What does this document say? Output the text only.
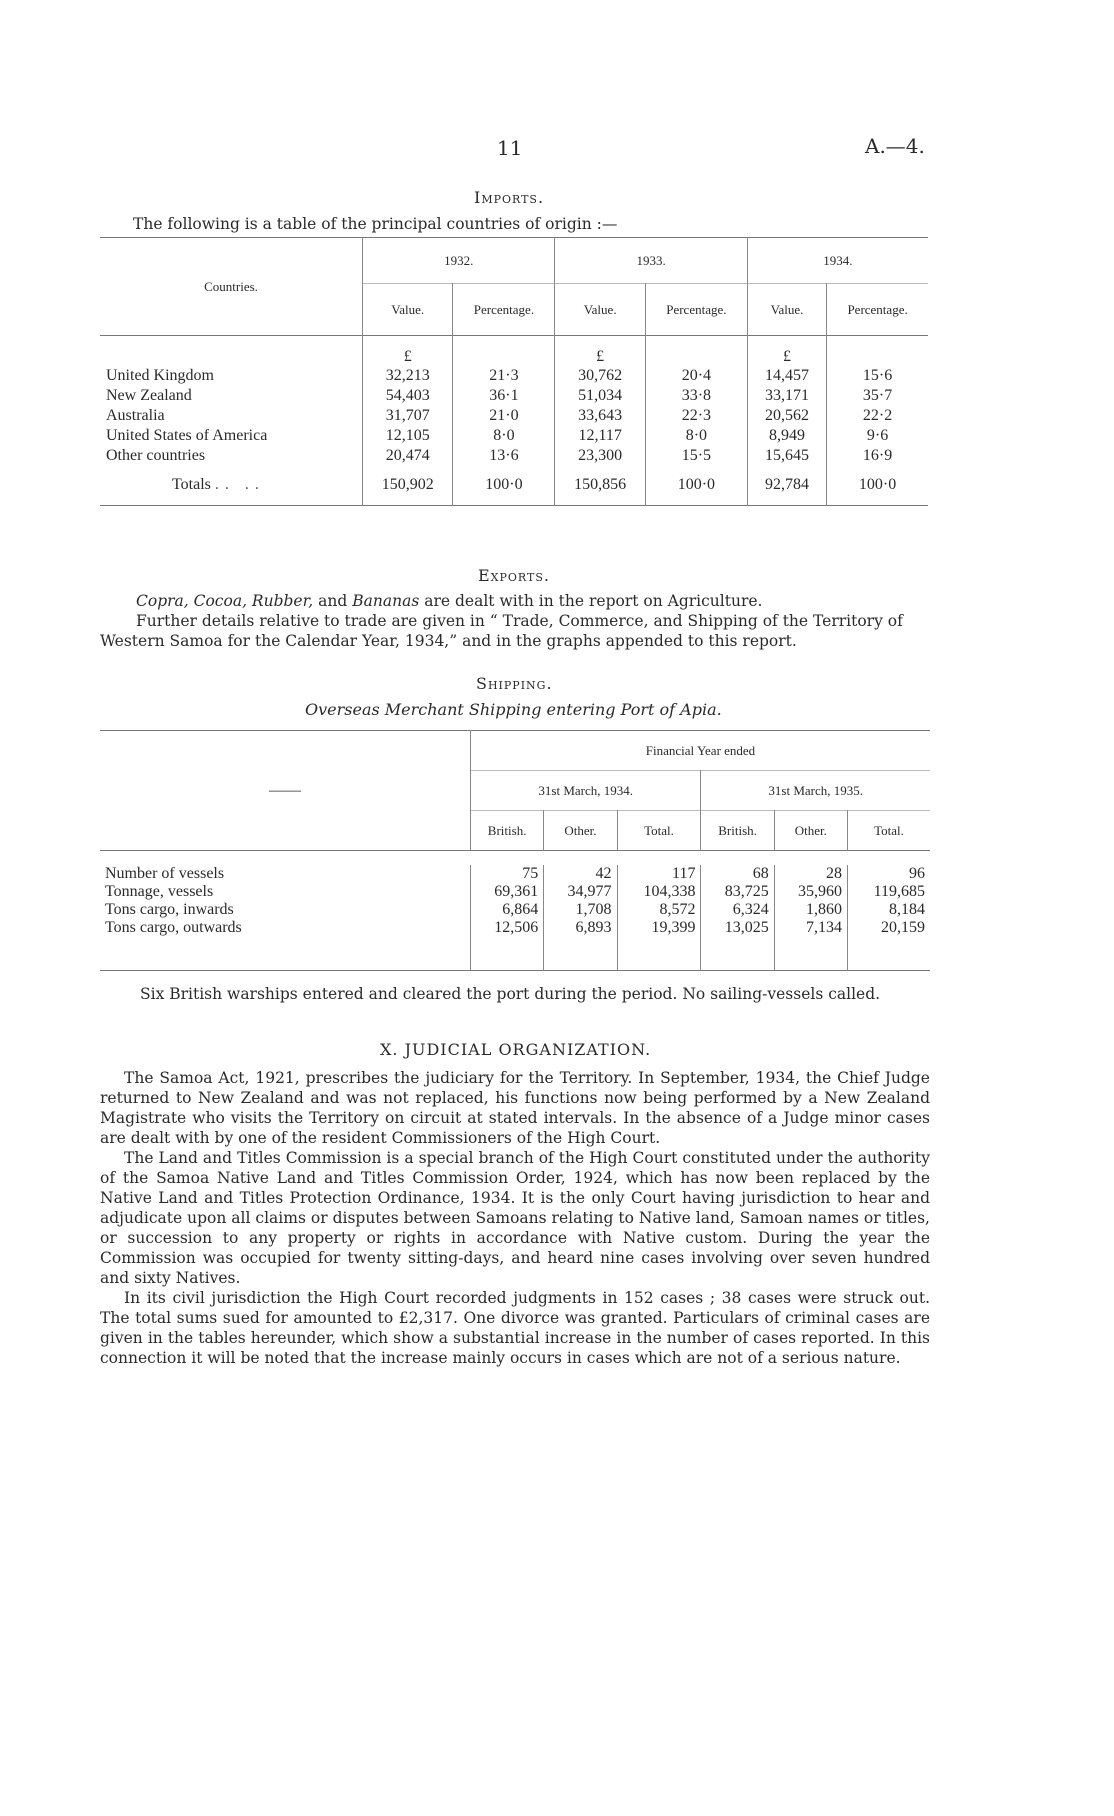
11	A.—4.
Imports.
The following is a table of the principal countries of origin :—
Countries.	1932.		1933.		1934.	
	Value.	Percentage.	Value.	Percentage.	Value.	Percentage.
	£		£		£	
United Kingdom	32,213	21·3	30,762	20·4	14,457	15·6
New Zealand	54,403	36·1	51,034	33·8	33,171	35·7
Australia	31,707	21·0	33,643	22·3	20,562	22·2
United States of America	12,105	8·0	12,117	8·0	8,949	9·6
Other countries	20,474	13·6	23,300	15·5	15,645	16·9
Totals .. ..	150,902	100·0	150,856	100·0	92,784	100·0

Exports.
Copra, Cocoa, Rubber, and Bananas are dealt with in the report on Agriculture.
Further details relative to trade are given in “ Trade, Commerce, and Shipping of the Territory of Western Samoa for the Calendar Year, 1934,” and in the graphs appended to this report.
Shipping.
Overseas Merchant Shipping entering Port of Apia.
——	Financial Year ended					
	31st March, 1934.			31st March, 1935.		
	British.	Other.	Total.	British.	Other.	Total.

Number of vessels	75	42	117	68	28	96
Tonnage, vessels	69,361	34,977	104,338	83,725	35,960	119,685
Tons cargo, inwards	6,864	1,708	8,572	6,324	1,860	8,184
Tons cargo, outwards	12,506	6,893	19,399	13,025	7,134	20,159

Six British warships entered and cleared the port during the period. No sailing-vessels called.
X. JUDICIAL ORGANIZATION.

The Samoa Act, 1921, prescribes the judiciary for the Territory. In September, 1934, the Chief Judge returned to New Zealand and was not replaced, his functions now being performed by a New Zealand Magistrate who visits the Territory on circuit at stated intervals. In the absence of a Judge minor cases are dealt with by one of the resident Commissioners of the High Court.

The Land and Titles Commission is a special branch of the High Court constituted under the authority of the Samoa Native Land and Titles Commission Order, 1924, which has now been replaced by the Native Land and Titles Protection Ordinance, 1934. It is the only Court having jurisdiction to hear and adjudicate upon all claims or disputes between Samoans relating to Native land, Samoan names or titles, or succession to any property or rights in accordance with Native custom. During the year the Commission was occupied for twenty sitting-days, and heard nine cases involving over seven hundred and sixty Natives.

In its civil jurisdiction the High Court recorded judgments in 152 cases ; 38 cases were struck out. The total sums sued for amounted to £2,317. One divorce was granted. Particulars of criminal cases are given in the tables hereunder, which show a substantial increase in the number of cases reported. In this connection it will be noted that the increase mainly occurs in cases which are not of a serious nature.
